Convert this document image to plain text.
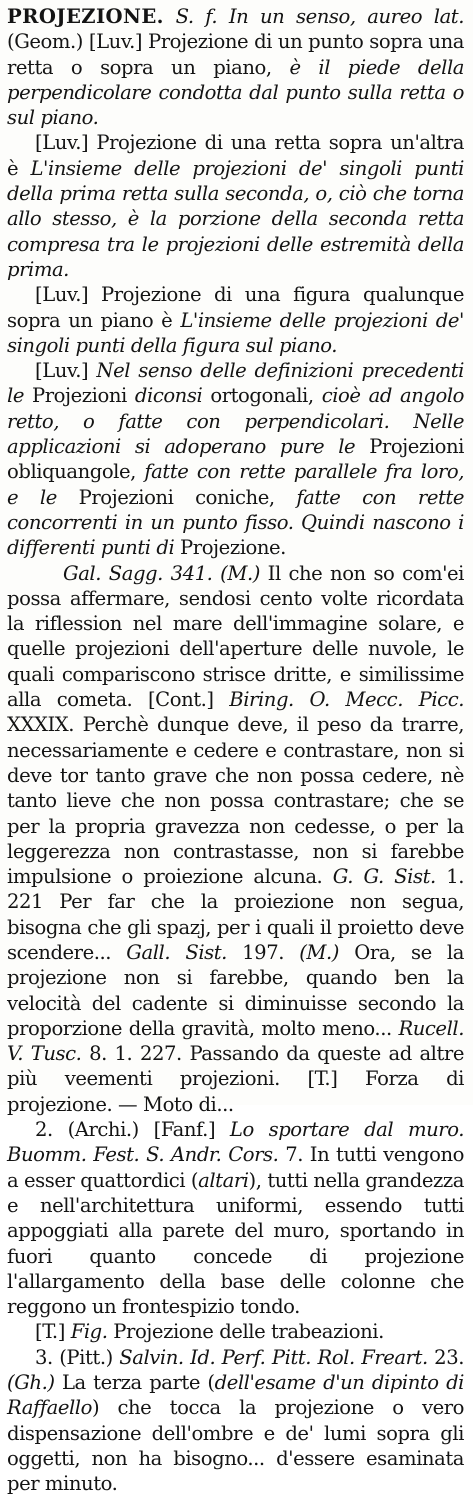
PROJEZIONE. S. f. In un senso, aureo lat. (Geom.) [Luv.] Projezione di un punto sopra una retta o sopra un piano, è il piede della perpendicolare condotta dal punto sulla retta o sul piano.
[Luv.] Projezione di una retta sopra un'altra è L'insieme delle projezioni de' singoli punti della prima retta sulla seconda, o, ciò che torna allo stesso, è la porzione della seconda retta compresa tra le projezioni delle estremità della prima.
[Luv.] Projezione di una figura qualunque sopra un piano è L'insieme delle projezioni de' singoli punti della figura sul piano.
[Luv.] Nel senso delle definizioni precedenti le Projezioni diconsi ortogonali, cioè ad angolo retto, o fatte con perpendicolari. Nelle applicazioni si adoperano pure le Projezioni obliquangole, fatte con rette parallele fra loro, e le Projezioni coniche, fatte con rette concorrenti in un punto fisso. Quindi nascono i differenti punti di Projezione.
Gal. Sagg. 341. (M.) Il che non so com'ei possa affermare, sendosi cento volte ricordata la riflession nel mare dell'immagine solare, e quelle projezioni dell'aperture delle nuvole, le quali compariscono strisce dritte, e similissime alla cometa. [Cont.] Biring. O. Mecc. Picc. XXXIX. Perchè dunque deve, il peso da trarre, necessariamente e cedere e contrastare, non si deve tor tanto grave che non possa cedere, nè tanto lieve che non possa contrastare; che se per la propria gravezza non cedesse, o per la leggerezza non contrastasse, non si farebbe impulsione o proiezione alcuna. G. G. Sist. 1. 221 Per far che la proiezione non segua, bisogna che gli spazj, per i quali il proietto deve scendere... Gall. Sist. 197. (M.) Ora, se la projezione non si farebbe, quando ben la velocità del cadente si diminuisse secondo la proporzione della gravità, molto meno... Rucell. V. Tusc. 8. 1. 227. Passando da queste ad altre più veementi projezioni. [T.] Forza di projezione. — Moto di...
2. (Archi.) [Fanf.] Lo sportare dal muro. Buomm. Fest. S. Andr. Cors. 7. In tutti vengono a esser quattordici (altari), tutti nella grandezza e nell'architettura uniformi, essendo tutti appoggiati alla parete del muro, sportando in fuori quanto concede di projezione l'allargamento della base delle colonne che reggono un frontespizio tondo.
[T.] Fig. Projezione delle trabeazioni.
3. (Pitt.) Salvin. Id. Perf. Pitt. Rol. Freart. 23. (Gh.) La terza parte (dell'esame d'un dipinto di Raffaello) che tocca la projezione o vero dispensazione dell'ombre e de' lumi sopra gli oggetti, non ha bisogno... d'essere esaminata per minuto.
